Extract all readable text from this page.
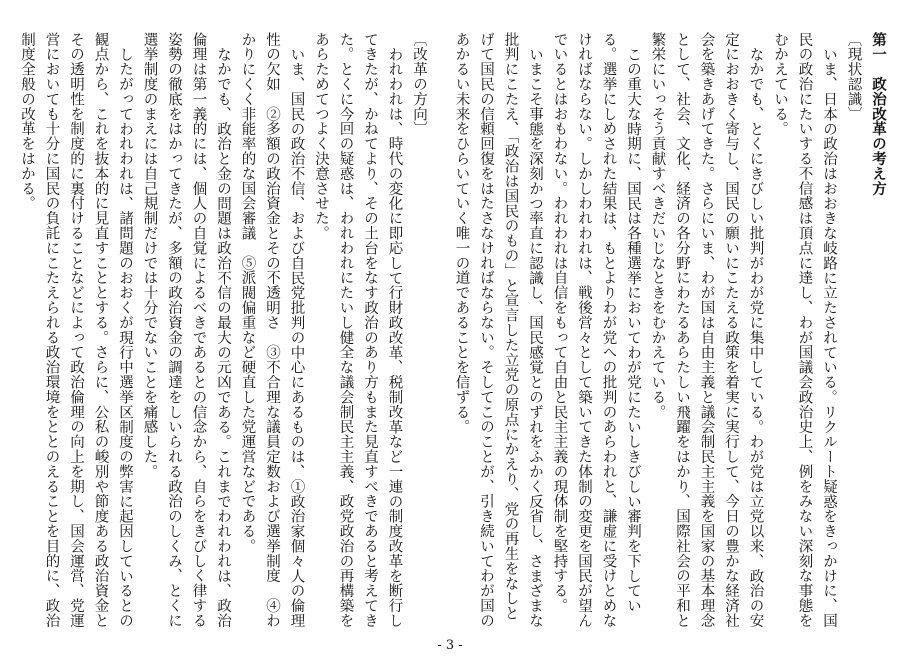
第一　政治改革の考え方

〔現状認識〕

いま、日本の政治はおおきな岐路に立たされている。リクルート疑惑をきっかけに、国民の政治にたいする不信感は頂点に達し、わが国議会政治史上、例をみない深刻な事態をむかえている。

なかでも、とくにきびしい批判がわが党に集中している。わが党は立党以来、政治の安定におおきく寄与し、国民の願いにこたえる政策を着実に実行して、今日の豊かな経済社会を築きあげてきた。さらにいま、わが国は自由主義と議会制民主主義を国家の基本理念として、社会、文化、経済の各分野にわたるあらたしい飛躍をはかり、国際社会の平和と繁栄にいっそう貢献すべきだいじなときをむかえている。

この重大な時期に、国民は各種選挙においてわが党にたいしきびしい審判を下している。選挙にしめされた結果は、もとよりわが党への批判のあらわれと、謙虚に受けとめなければならない。しかしわれわれは、戦後営々として築いてきた体制の変更を国民が望んでいるとはおもわない。われわれは自信をもって自由と民主主義の現体制を堅持する。

いまこそ事態を深刻かつ率直に認識し、国民感覚とのずれをふかく反省し、さまざまな批判にこたえ、「政治は国民のもの」と宣言した立党の原点にかえり、党の再生をなしとげて国民の信頼回復をはたさなければならない。そしてこのことが、引き続いてわが国のあかるい未来をひらいていく唯一の道であることを信ずる。

〔改革の方向〕

われわれは、時代の変化に即応して行財政改革、税制改革など一連の制度改革を断行してきたが、かねてより、その土台をなす政治のあり方もまた見直すべきであると考えてきた。とくに今回の疑惑は、われわれにたいし健全な議会制民主主義、政党政治の再構築をあらためてつよく決意させた。

いま、国民の政治不信、および自民党批判の中心にあるものは、①政治家個々人の倫理性の欠如　②多額の政治資金とその不透明さ　③不合理な議員定数および選挙制度　④わかりにくく非能率的な国会審議　⑤派閥偏重など硬直した党運営などである。

なかでも、政治と金の問題は政治不信の最大の元凶である。これまでわれわれは、政治倫理は第一義的には、個人の自覚によるべきであるとの信念から、自らをきびしく律する姿勢の徹底をはかってきたが、多額の政治資金の調達をしいられる政治のしくみ、とくに選挙制度のまえには自己規制だけでは十分でないことを痛感した。

したがってわれわれは、諸問題のおおくが現行中選挙区制度の弊害に起因しているとの観点から、これを抜本的に見直すこととする。さらに、公私の峻別や節度ある政治資金とその透明性を制度的に裏付けることなどによって政治倫理の向上を期し、国会運営、党運営においても十分に国民の負託にこたえられる政治環境をととのえることを目的に、政治制度全般の改革をはかる。

- 3 -
